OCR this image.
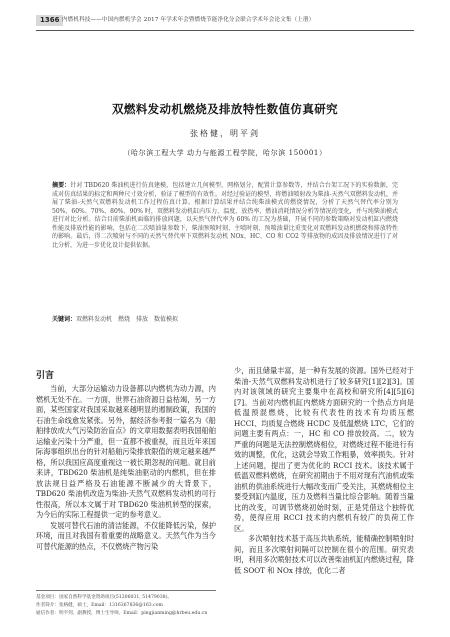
1366 内燃机科技——中国内燃机学会 2017 年学术年会暨燃烧节能净化分会联合学术年会论文集（上册）
双燃料发动机燃烧及排放特性数值仿真研究
张格健，明平剑
（哈尔滨工程大学 动力与能源工程学院，哈尔滨 150001）
摘要：针对 TBD620 柴油机进行仿真建模，包括建立几何模型，网格划分，配置计算参数等，并结合台架工况下的实验数据，完成对仿真结果的标定和两种尺寸效分析，验证了模型的有效性。对经过验证的模型，将燃油喷射改为柴油-天然气双燃料发动机，并展了柴油-天然气双燃料发动机工作过程仿真计算。根据计算结果并结合纯柴油模式的燃烧情况，分析了天然气替代率分别为 50%、60%、70%、80%、90% 时，双燃料发动机缸内压力、温度、放热率、燃油消耗情况分析等情况的变化，并与纯柴油模式进行对比分析。结合目前柴油机面临的排放问题，以天然气替代率为 60% 的工况为基础，开展不同的参数策略对发动机缸内燃烧性能及排放性能的影响，包括在二次喷油量参数下，柴油预喷时刻、主喷时刻、预喷油量比重变化对双燃料发动机燃烧和排放特性的影响。最后，得二次喷射与不同的天然气替代率下双燃料发动机 NOx、HC、CO 和 CO2 等排放物的成因及排放情况进行了对比分析，为进一步优化设计提供依据。
关键词：双燃料发动机　燃烧　排放　数值模拟
引言

当前，大部分运输动力设备都以内燃机为动力源，内燃机无处不在。一方面，世界石油资源日益枯竭，另一方面，某些国家对我国采取越来越明显的遏制政策，我国的石油生命线愈发紧张。另外，据经济参考报一篇名为《船舶排放成大气污染防治盲点》的文章用数据表明我国船舶运输业污染十分严重，但一直都不被重视，而且近年来国际海事组织出台的针对船舶污染排放限值的规定越来越严格，所以我国应高度重视这一被长期忽视的问题。就目前来讲，TBD620 柴油机是纯柴油驱动的内燃机，但在排放法规日益严格及石油能源不断减少的大背景下，TBD620 柴油机改造为柴油-天然气双燃料发动机的可行性很高，所以本文属于对 TBD620 柴油机转型的探索，为今后的实际工程提供一定的参考意义。

发展可替代石油的清洁能源，不仅能降低污染，保护环境，而且对我国有着重要的战略意义。天然气作为当今可替代能源的热点，不仅燃烧产物污染

少，而且储量丰富，是一种有发展的资源。国外已经对于柴油-天然气双燃料发动机进行了较多研究[1][2][3]。国内对该领域的研究主要集中在高校和研究所[4][5][6][7]。当前对内燃机缸内燃烧方面研究的一个热点方向是低温预混燃烧，比较有代表性的技术有均质压燃 HCCI、均质复合燃烧 HCDC 及低温燃烧 LTC，它们的问题主要有两点：一，HC 和 CO 排放较高。二，较为严重的问题是无法控制燃烧相位，对燃烧过程不能进行有效的调整，优化，这就会导致工作粗暴，效率损失。针对上述问题，提出了更为优化的 RCCI 技术。该技术属于低温双燃料燃烧，在研究初期由于不用对现有汽油机或柴油机的供油系统进行大幅改变而广受关注，其燃烧相位主要受到缸内温度，压力及燃料当量比综合影响。随着当量比的改变，可调节燃烧初始时刻，正是凭借这个独特优势，使得应用 RCCI 技术的内燃机有较广的负荷工作区。

多次喷射技术基于高压共轨系统，能精确控制喷射时间，而且多次喷射间隔可以控制在很小的范围。研究表明，利用多次喷射技术可以改善柴油机缸内燃烧过程，降低 SOOT 和 NOx 排放，优化二者

基金项目：国家自然科学基金资助项目(51206031, 51479038)。
作者简介：张格健，硕士，Email：1316367836@163.com
通信作者：明平剑，副教授，博士生导师，Email：pingjianming@hrbeu.edu.cn
